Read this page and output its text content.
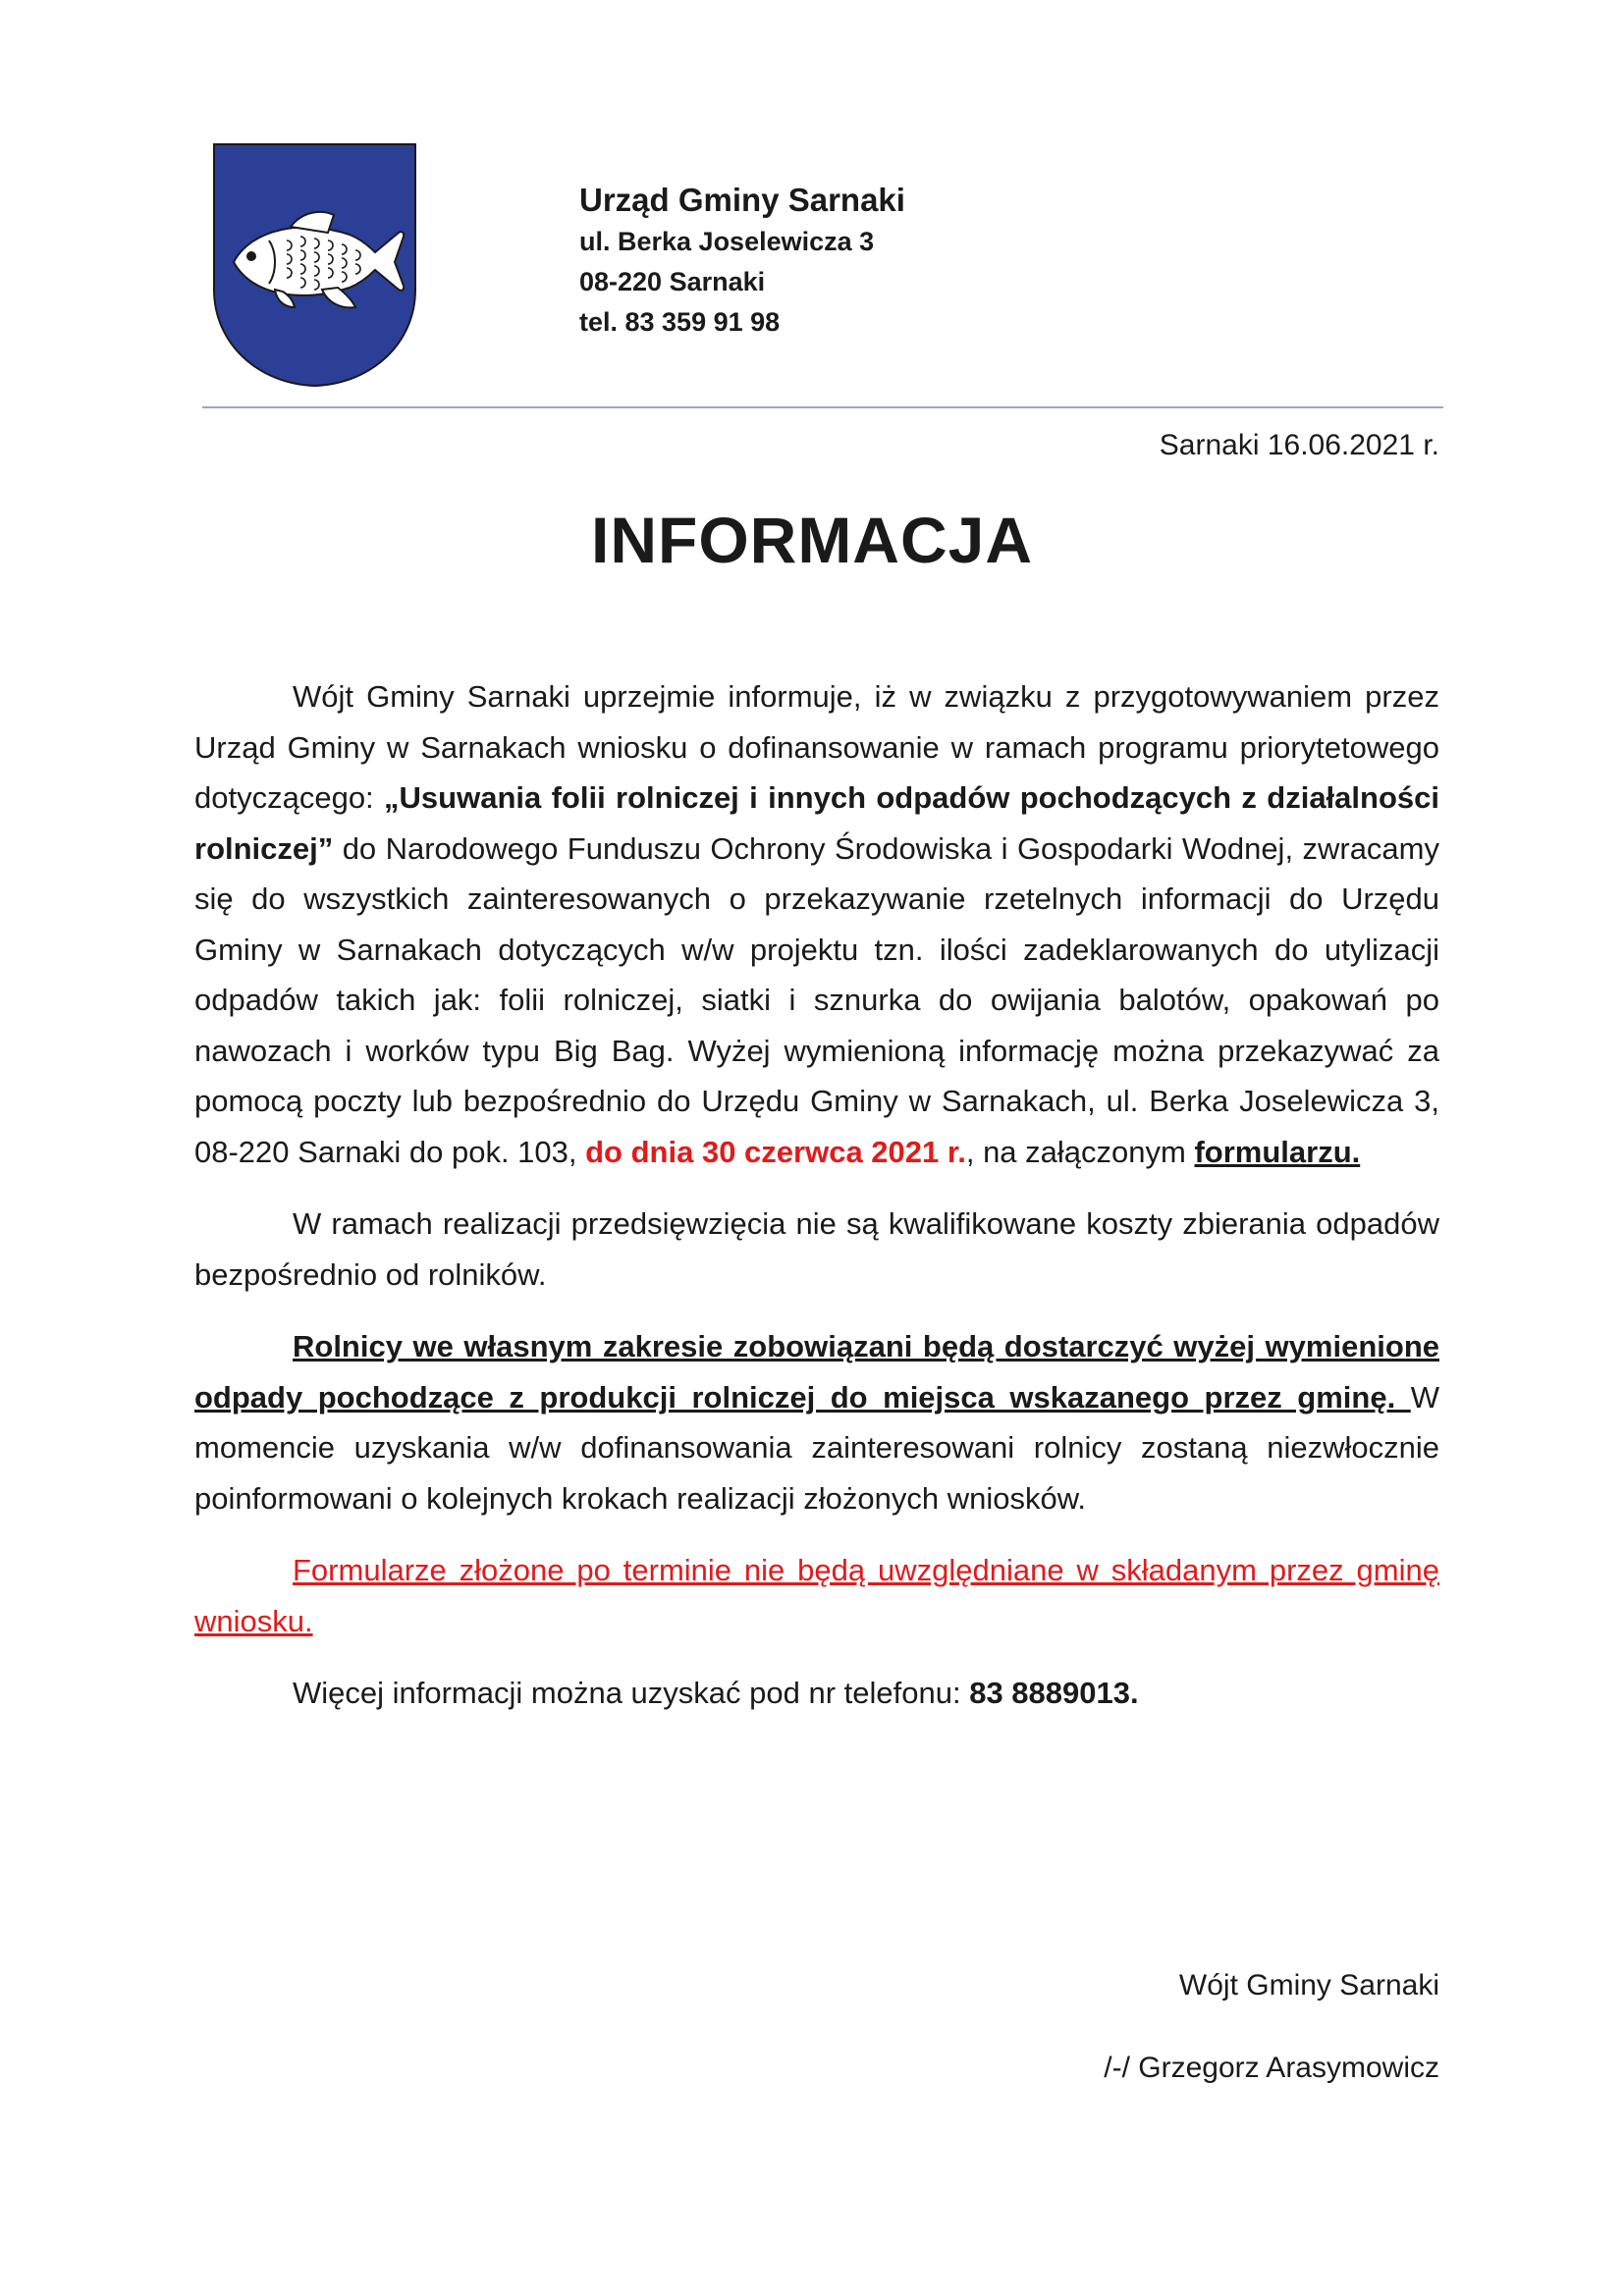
Urząd Gminy Sarnaki
ul. Berka Joselewicza 3
08-220 Sarnaki
tel. 83 359 91 98
Sarnaki 16.06.2021 r.
INFORMACJA

Wójt Gminy Sarnaki uprzejmie informuje, iż w związku z przygotowywaniem przez Urząd Gminy w Sarnakach wniosku o dofinansowanie w ramach programu priorytetowego dotyczącego: „Usuwania folii rolniczej i innych odpadów pochodzących z działalności rolniczej” do Narodowego Funduszu Ochrony Środowiska i Gospodarki Wodnej, zwracamy się do wszystkich zainteresowanych o przekazywanie rzetelnych informacji do Urzędu Gminy w Sarnakach dotyczących w/w projektu tzn. ilości zadeklarowanych do utylizacji odpadów takich jak: folii rolniczej, siatki i sznurka do owijania balotów, opakowań po nawozach i worków typu Big Bag. Wyżej wymienioną informację można przekazywać za pomocą poczty lub bezpośrednio do Urzędu Gminy w Sarnakach, ul. Berka Joselewicza 3, 08-220 Sarnaki do pok. 103, do dnia 30 czerwca 2021 r., na załączonym formularzu.

W ramach realizacji przedsięwzięcia nie są kwalifikowane koszty zbierania odpadów bezpośrednio od rolników.

Rolnicy we własnym zakresie zobowiązani będą dostarczyć wyżej wymienione odpady pochodzące z produkcji rolniczej do miejsca wskazanego przez gminę. W momencie uzyskania w/w dofinansowania zainteresowani rolnicy zostaną niezwłocznie poinformowani o kolejnych krokach realizacji złożonych wniosków.

Formularze złożone po terminie nie będą uwzględniane w składanym przez gminę wniosku.

Więcej informacji można uzyskać pod nr telefonu: 83 8889013.

Wójt Gminy Sarnaki
/-/ Grzegorz Arasymowicz
